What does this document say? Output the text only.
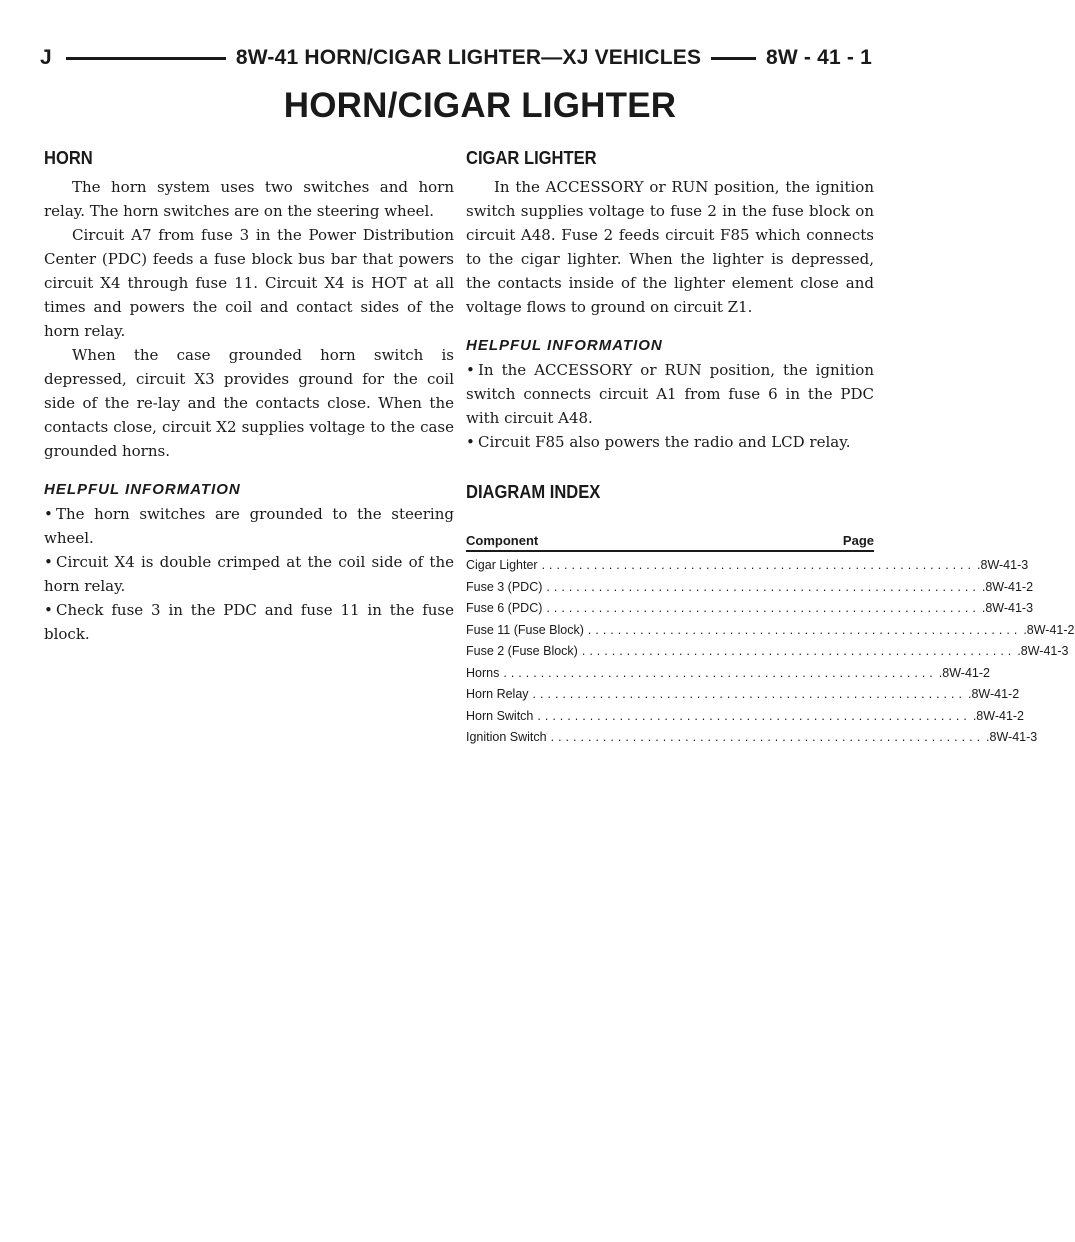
J	8W-41 HORN/CIGAR LIGHTER—XJ VEHICLES	8W - 41 - 1
HORN/CIGAR LIGHTER
HORN

The horn system uses two switches and horn relay. The horn switches are on the steering wheel.

Circuit A7 from fuse 3 in the Power Distribution Center (PDC) feeds a fuse block bus bar that powers circuit X4 through fuse 11. Circuit X4 is HOT at all times and powers the coil and contact sides of the horn relay.

When the case grounded horn switch is depressed, circuit X3 provides ground for the coil side of the re-lay and the contacts close. When the contacts close, circuit X2 supplies voltage to the case grounded horns.

HELPFUL INFORMATION
• The horn switches are grounded to the steering wheel.
• Circuit X4 is double crimped at the coil side of the horn relay.
• Check fuse 3 in the PDC and fuse 11 in the fuse block.
CIGAR LIGHTER

In the ACCESSORY or RUN position, the ignition switch supplies voltage to fuse 2 in the fuse block on circuit A48. Fuse 2 feeds circuit F85 which connects to the cigar lighter. When the lighter is depressed, the contacts inside of the lighter element close and voltage flows to ground on circuit Z1.

HELPFUL INFORMATION
• In the ACCESSORY or RUN position, the ignition switch connects circuit A1 from fuse 6 in the PDC with circuit A48.
• Circuit F85 also powers the radio and LCD relay.
DIAGRAM INDEX
Component	Page
Cigar Lighter .......................................................... .8W-41-3
Fuse 3 (PDC) .......................................................... .8W-41-2
Fuse 6 (PDC) .......................................................... .8W-41-3
Fuse 11 (Fuse Block) .......................................................... .8W-41-2
Fuse 2 (Fuse Block) .......................................................... .8W-41-3
Horns .......................................................... .8W-41-2
Horn Relay .......................................................... .8W-41-2
Horn Switch .......................................................... .8W-41-2
Ignition Switch .......................................................... .8W-41-3
